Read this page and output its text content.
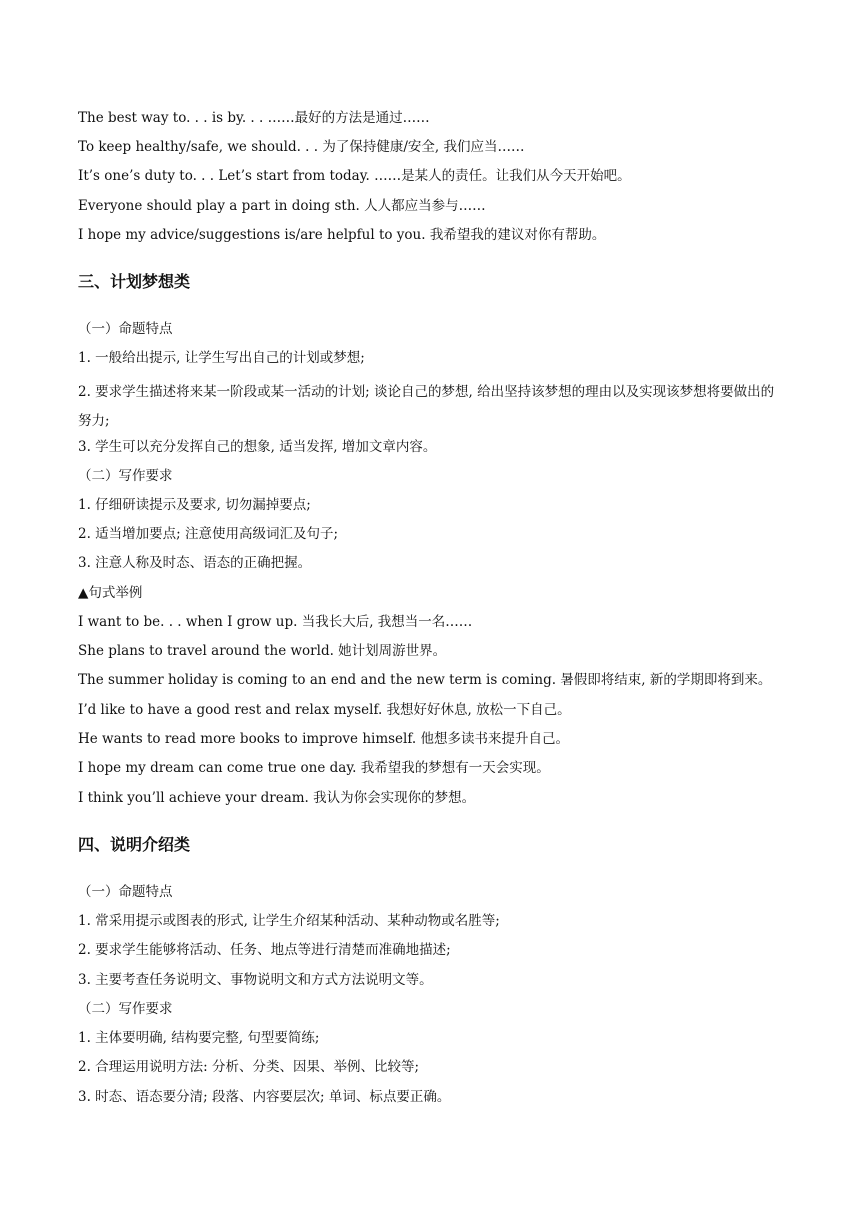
The best way to. . . is by. . . ……最好的方法是通过……
To keep healthy/safe, we should. . . 为了保持健康/安全, 我们应当……
It’s one’s duty to. . . Let’s start from today. ……是某人的责任。让我们从今天开始吧。
Everyone should play a part in doing sth. 人人都应当参与……
I hope my advice/suggestions is/are helpful to you. 我希望我的建议对你有帮助。
三、计划梦想类
（一）命题特点
1. 一般给出提示, 让学生写出自己的计划或梦想;
2. 要求学生描述将来某一阶段或某一活动的计划; 谈论自己的梦想, 给出坚持该梦想的理由以及实现该梦想将要做出的努力;
3. 学生可以充分发挥自己的想象, 适当发挥, 增加文章内容。
（二）写作要求
1. 仔细研读提示及要求, 切勿漏掉要点;
2. 适当增加要点; 注意使用高级词汇及句子;
3. 注意人称及时态、语态的正确把握。
▲句式举例
I want to be. . . when I grow up. 当我长大后, 我想当一名……
She plans to travel around the world. 她计划周游世界。
The summer holiday is coming to an end and the new term is coming. 暑假即将结束, 新的学期即将到来。
I’d like to have a good rest and relax myself. 我想好好休息, 放松一下自己。
He wants to read more books to improve himself. 他想多读书来提升自己。
I hope my dream can come true one day. 我希望我的梦想有一天会实现。
I think you’ll achieve your dream. 我认为你会实现你的梦想。
四、说明介绍类
（一）命题特点
1. 常采用提示或图表的形式, 让学生介绍某种活动、某种动物或名胜等;
2. 要求学生能够将活动、任务、地点等进行清楚而准确地描述;
3. 主要考查任务说明文、事物说明文和方式方法说明文等。
（二）写作要求
1. 主体要明确, 结构要完整, 句型要简练;
2. 合理运用说明方法: 分析、分类、因果、举例、比较等;
3. 时态、语态要分清; 段落、内容要层次; 单词、标点要正确。
